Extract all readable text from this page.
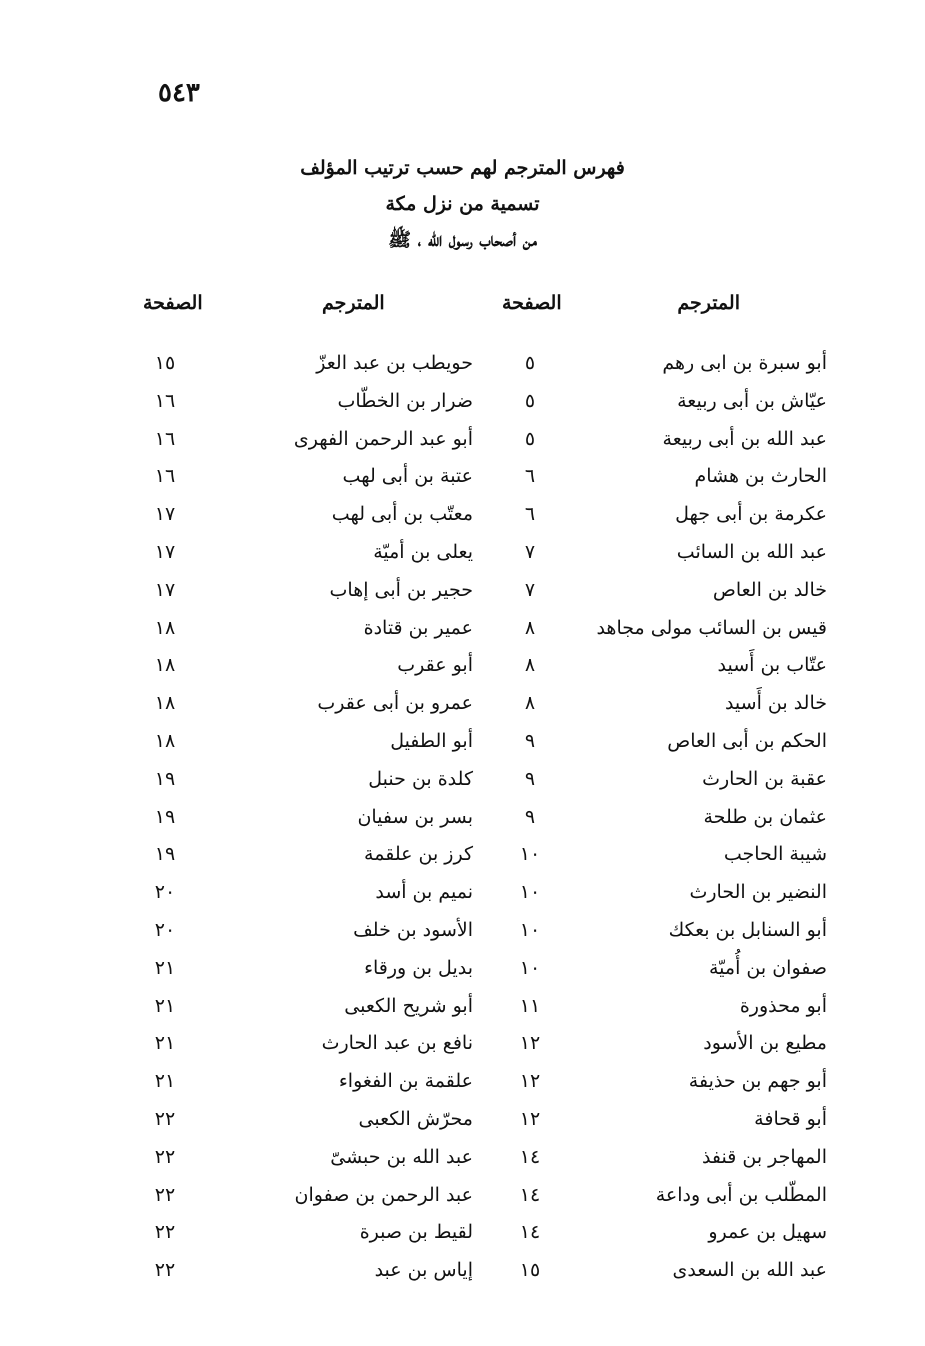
٥٤٣
فهرس المترجم لهم حسب ترتيب المؤلف
تسمية من نزل مكة
من أصحاب رسول الله ، ﷺ
المترجم
الصفحة
المترجم
الصفحة
أبو سبرة بن ابى رهم
٥
حويطب بن عبد العزّ
١٥
عيّاش بن أبى ربيعة
٥
ضرار بن الخطّاب
١٦
عبد الله بن أبى ربيعة
٥
أبو عبد الرحمن الفهرى
١٦
الحارث بن هشام
٦
عتبة بن أبى لهب
١٦
عكرمة بن أبى جهل
٦
معتّب بن أبى لهب
١٧
عبد الله بن السائب
٧
يعلى بن أميّة
١٧
خالد بن العاص
٧
حجير بن أبى إهاب
١٧
قيس بن السائب مولى مجاهد
٨
عمير بن قتادة
١٨
عتّاب بن أَسيد
٨
أبو عقرب
١٨
خالد بن أَسيد
٨
عمرو بن أبى عقرب
١٨
الحكم بن أبى العاص
٩
أبو الطفيل
١٨
عقبة بن الحارث
٩
كلدة بن حنبل
١٩
عثمان بن طلحة
٩
بسر بن سفيان
١٩
شيبة الحاجب
١٠
كرز بن علقمة
١٩
النضير بن الحارث
١٠
نميم بن أسد
٢٠
أبو السنابل بن بعكك
١٠
الأسود بن خلف
٢٠
صفوان بن أُميّة
١٠
بديل بن ورقاء
٢١
أبو محذورة
١١
أبو شريح الكعبى
٢١
مطيع بن الأسود
١٢
نافع بن عبد الحارث
٢١
أبو جهم بن حذيفة
١٢
علقمة بن الفغواء
٢١
أبو قحافة
١٢
محرّش الكعبى
٢٢
المهاجر بن قنفذ
١٤
عبد الله بن حبشىّ
٢٢
المطّلب بن أبى وداعة
١٤
عبد الرحمن بن صفوان
٢٢
سهيل بن عمرو
١٤
لقيط بن صبرة
٢٢
عبد الله بن السعدى
١٥
إياس بن عبد
٢٢
